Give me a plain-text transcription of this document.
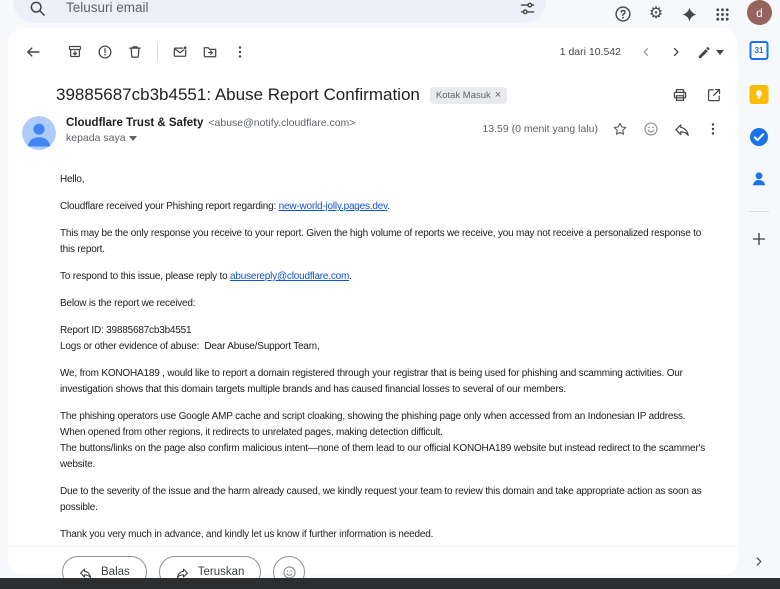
Telusuri email
⚙	d
1 dari 10.542
39885687cb3b4551: Abuse Report Confirmation Kotak Masuk ×
Cloudflare Trust & Safety <abuse@notify.cloudflare.com>
kepada saya
13.59 (0 menit yang lalu)
Hello,
Cloudflare received your Phishing report regarding: new-world-jolly.pages.dev.
This may be the only response you receive to your report. Given the high volume of reports we receive, you may not receive a personalized response to
this report.
To respond to this issue, please reply to abusereply@cloudflare.com.
Below is the report we received:
Report ID: 39885687cb3b4551
Logs or other evidence of abuse:  Dear Abuse/Support Team,
We, from KONOHA189 , would like to report a domain registered through your registrar that is being used for phishing and scamming activities. Our
investigation shows that this domain targets multiple brands and has caused financial losses to several of our members.
The phishing operators use Google AMP cache and script cloaking, showing the phishing page only when accessed from an Indonesian IP address.
When opened from other regions, it redirects to unrelated pages, making detection difficult.
The buttons/links on the page also confirm malicious intent—none of them lead to our official KONOHA189 website but instead redirect to the scammer's
website.
Due to the severity of the issue and the harm already caused, we kindly request your team to review this domain and take appropriate action as soon as
possible.
Thank you very much in advance, and kindly let us know if further information is needed.
Balas	Teruskan
31
